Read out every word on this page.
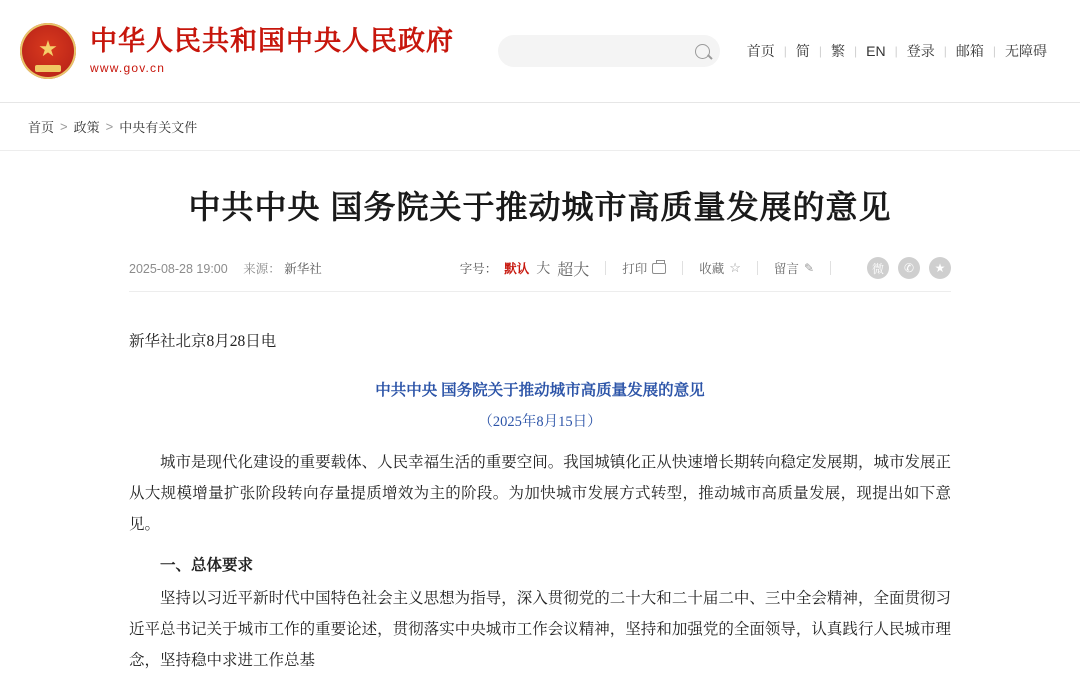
★ 中华人民共和国中央人民政府
www.gov.cn
首页 | 简 | 繁 | EN | 登录 | 邮箱 | 无障碍
首页 > 政策 > 中央有关文件
中共中央 国务院关于推动城市高质量发展的意见
2025-08-28 19:00 来源： 新华社	字号： 默认 大 超大	打印	收藏 ☆	留言 ✎	微	✆	★

新华社北京8月28日电

中共中央 国务院关于推动城市高质量发展的意见

（2025年8月15日）

城市是现代化建设的重要载体、人民幸福生活的重要空间。我国城镇化正从快速增长期转向稳定发展期，城市发展正从大规模增量扩张阶段转向存量提质增效为主的阶段。为加快城市发展方式转型，推动城市高质量发展，现提出如下意见。

一、总体要求

坚持以习近平新时代中国特色社会主义思想为指导，深入贯彻党的二十大和二十届二中、三中全会精神，全面贯彻习近平总书记关于城市工作的重要论述，贯彻落实中央城市工作会议精神，坚持和加强党的全面领导，认真践行人民城市理念，坚持稳中求进工作总基
